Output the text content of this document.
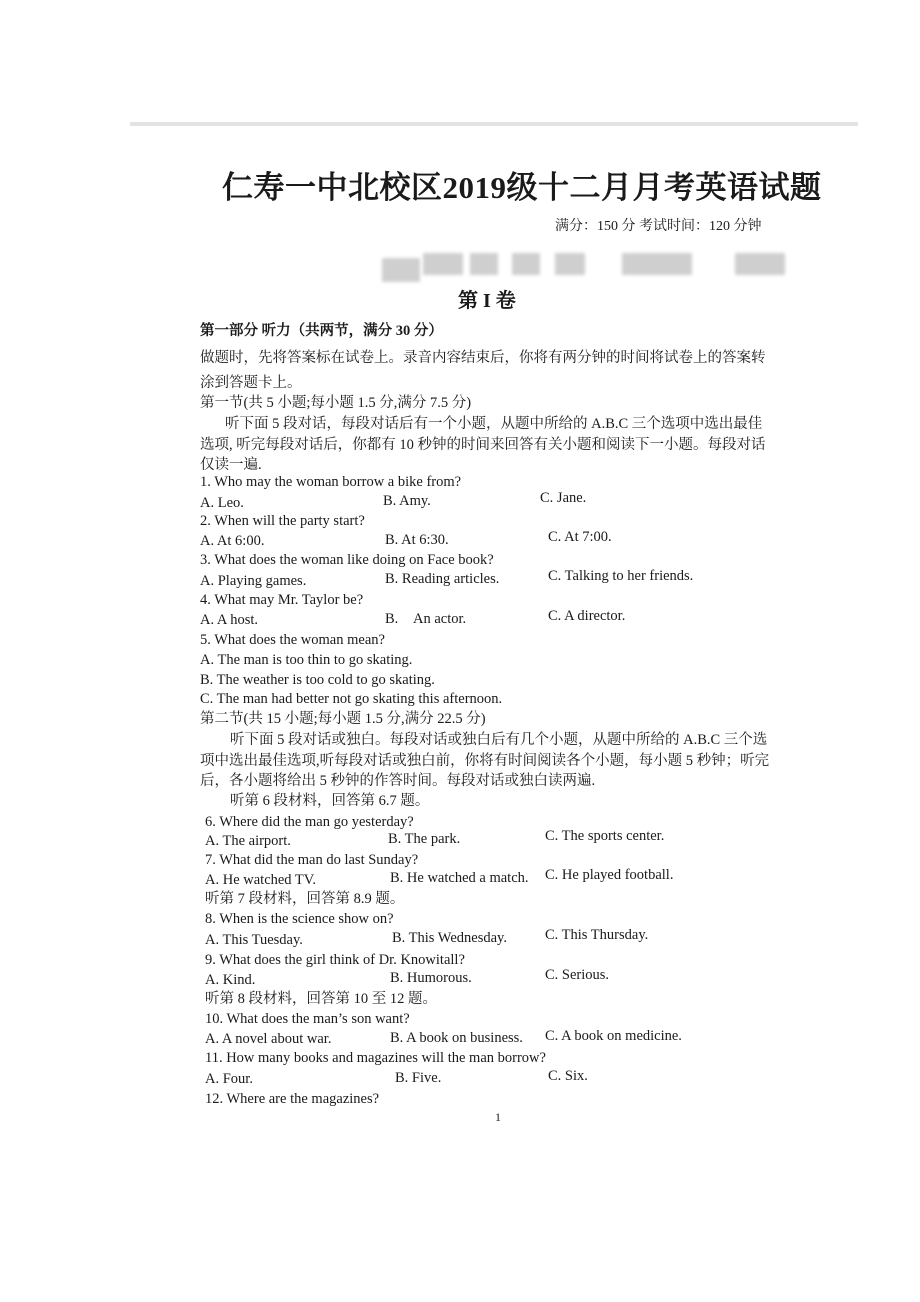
仁寿一中北校区2019级十二月月考英语试题
满分：150 分 考试时间：120 分钟
第 I 卷
第一部分 听力（共两节，满分 30 分）
做题时，先将答案标在试卷上。录音内容结束后，你将有两分钟的时间将试卷上的答案转
涂到答题卡上。
第一节(共 5 小题;每小题 1.5 分,满分 7.5 分)
听下面 5 段对话，每段对话后有一个小题，从题中所给的 A.B.C 三个选项中选出最佳
选项, 听完每段对话后，你都有 10 秒钟的时间来回答有关小题和阅读下一小题。每段对话
仅读一遍.
1. Who may the woman borrow a bike from?
A. Leo.	B. Amy.	C. Jane.
2. When will the party start?
A. At 6:00.	B. At 6:30.	C. At 7:00.
3. What does the woman like doing on Face book?
A. Playing games.	B. Reading articles.	C. Talking to her friends.
4. What may Mr. Taylor be?
A. A host.	B. An actor.	C. A director.
5. What does the woman mean?
A. The man is too thin to go skating.
B. The weather is too cold to go skating.
C. The man had better not go skating this afternoon.
第二节(共 15 小题;每小题 1.5 分,满分 22.5 分)
听下面 5 段对话或独白。每段对话或独白后有几个小题，从题中所给的 A.B.C 三个选
项中选出最佳选项,听每段对话或独白前，你将有时间阅读各个小题，每小题 5 秒钟；听完
后，各小题将给出 5 秒钟的作答时间。每段对话或独白读两遍.
听第 6 段材料，回答第 6.7 题。
6. Where did the man go yesterday?
A. The airport.	B. The park.	C. The sports center.
7. What did the man do last Sunday?
A. He watched TV.	B. He watched a match. C. He played football.
听第 7 段材料，回答第 8.9 题。
8. When is the science show on?
A. This Tuesday.	B. This Wednesday.	C. This Thursday.
9. What does the girl think of Dr. Knowitall?
A. Kind.	B. Humorous.	C. Serious.
听第 8 段材料，回答第 10 至 12 题。
10. What does the man’s son want?
A. A novel about war.	B. A book on business. C. A book on medicine.
11. How many books and magazines will the man borrow?
A. Four.	B. Five.	C. Six.
12. Where are the magazines?
1
